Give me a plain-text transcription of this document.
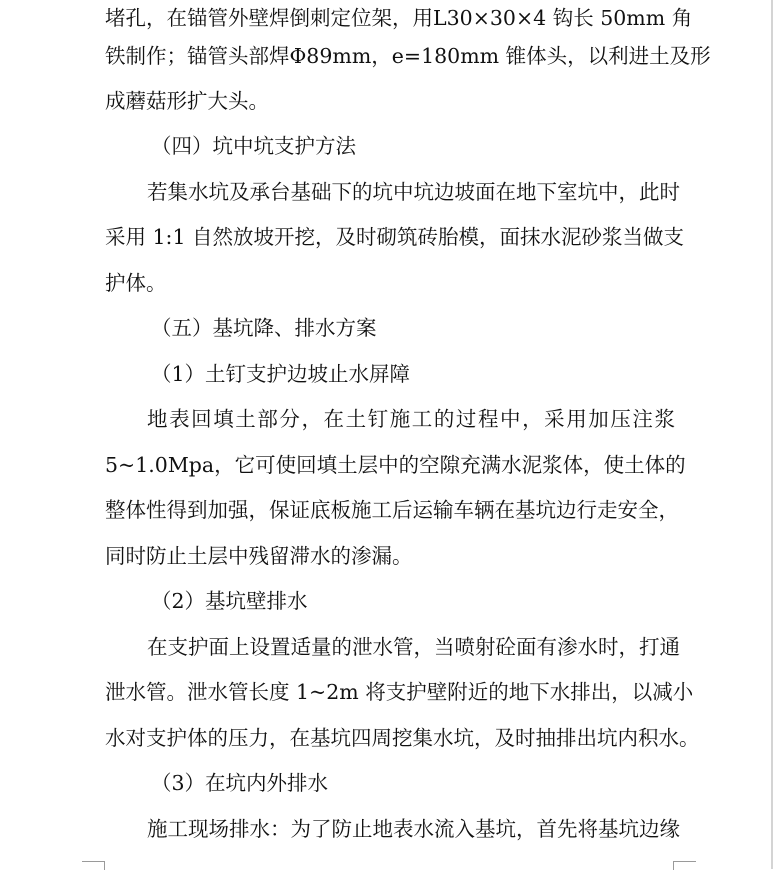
堵孔，在锚管外壁焊倒刺定位架，用L30×30×4 钩长 50mm 角
铁制作；锚管头部焊Φ89mm，e=180mm 锥体头，以利进土及形
成蘑菇形扩大头。
（四）坑中坑支护方法
若集水坑及承台基础下的坑中坑边坡面在地下室坑中，此时
采用 1:1 自然放坡开挖，及时砌筑砖胎模，面抹水泥砂浆当做支
护体。
（五）基坑降、排水方案
（1）土钉支护边坡止水屏障
地表回填土部分，在土钉施工的过程中，采用加压注浆
5~1.0Mpa，它可使回填土层中的空隙充满水泥浆体，使土体的
整体性得到加强，保证底板施工后运输车辆在基坑边行走安全，
同时防止土层中残留滞水的渗漏。
（2）基坑壁排水
在支护面上设置适量的泄水管，当喷射砼面有渗水时，打通
泄水管。泄水管长度 1~2m 将支护壁附近的地下水排出，以减小
水对支护体的压力，在基坑四周挖集水坑，及时抽排出坑内积水。
（3）在坑内外排水
施工现场排水：为了防止地表水流入基坑，首先将基坑边缘
